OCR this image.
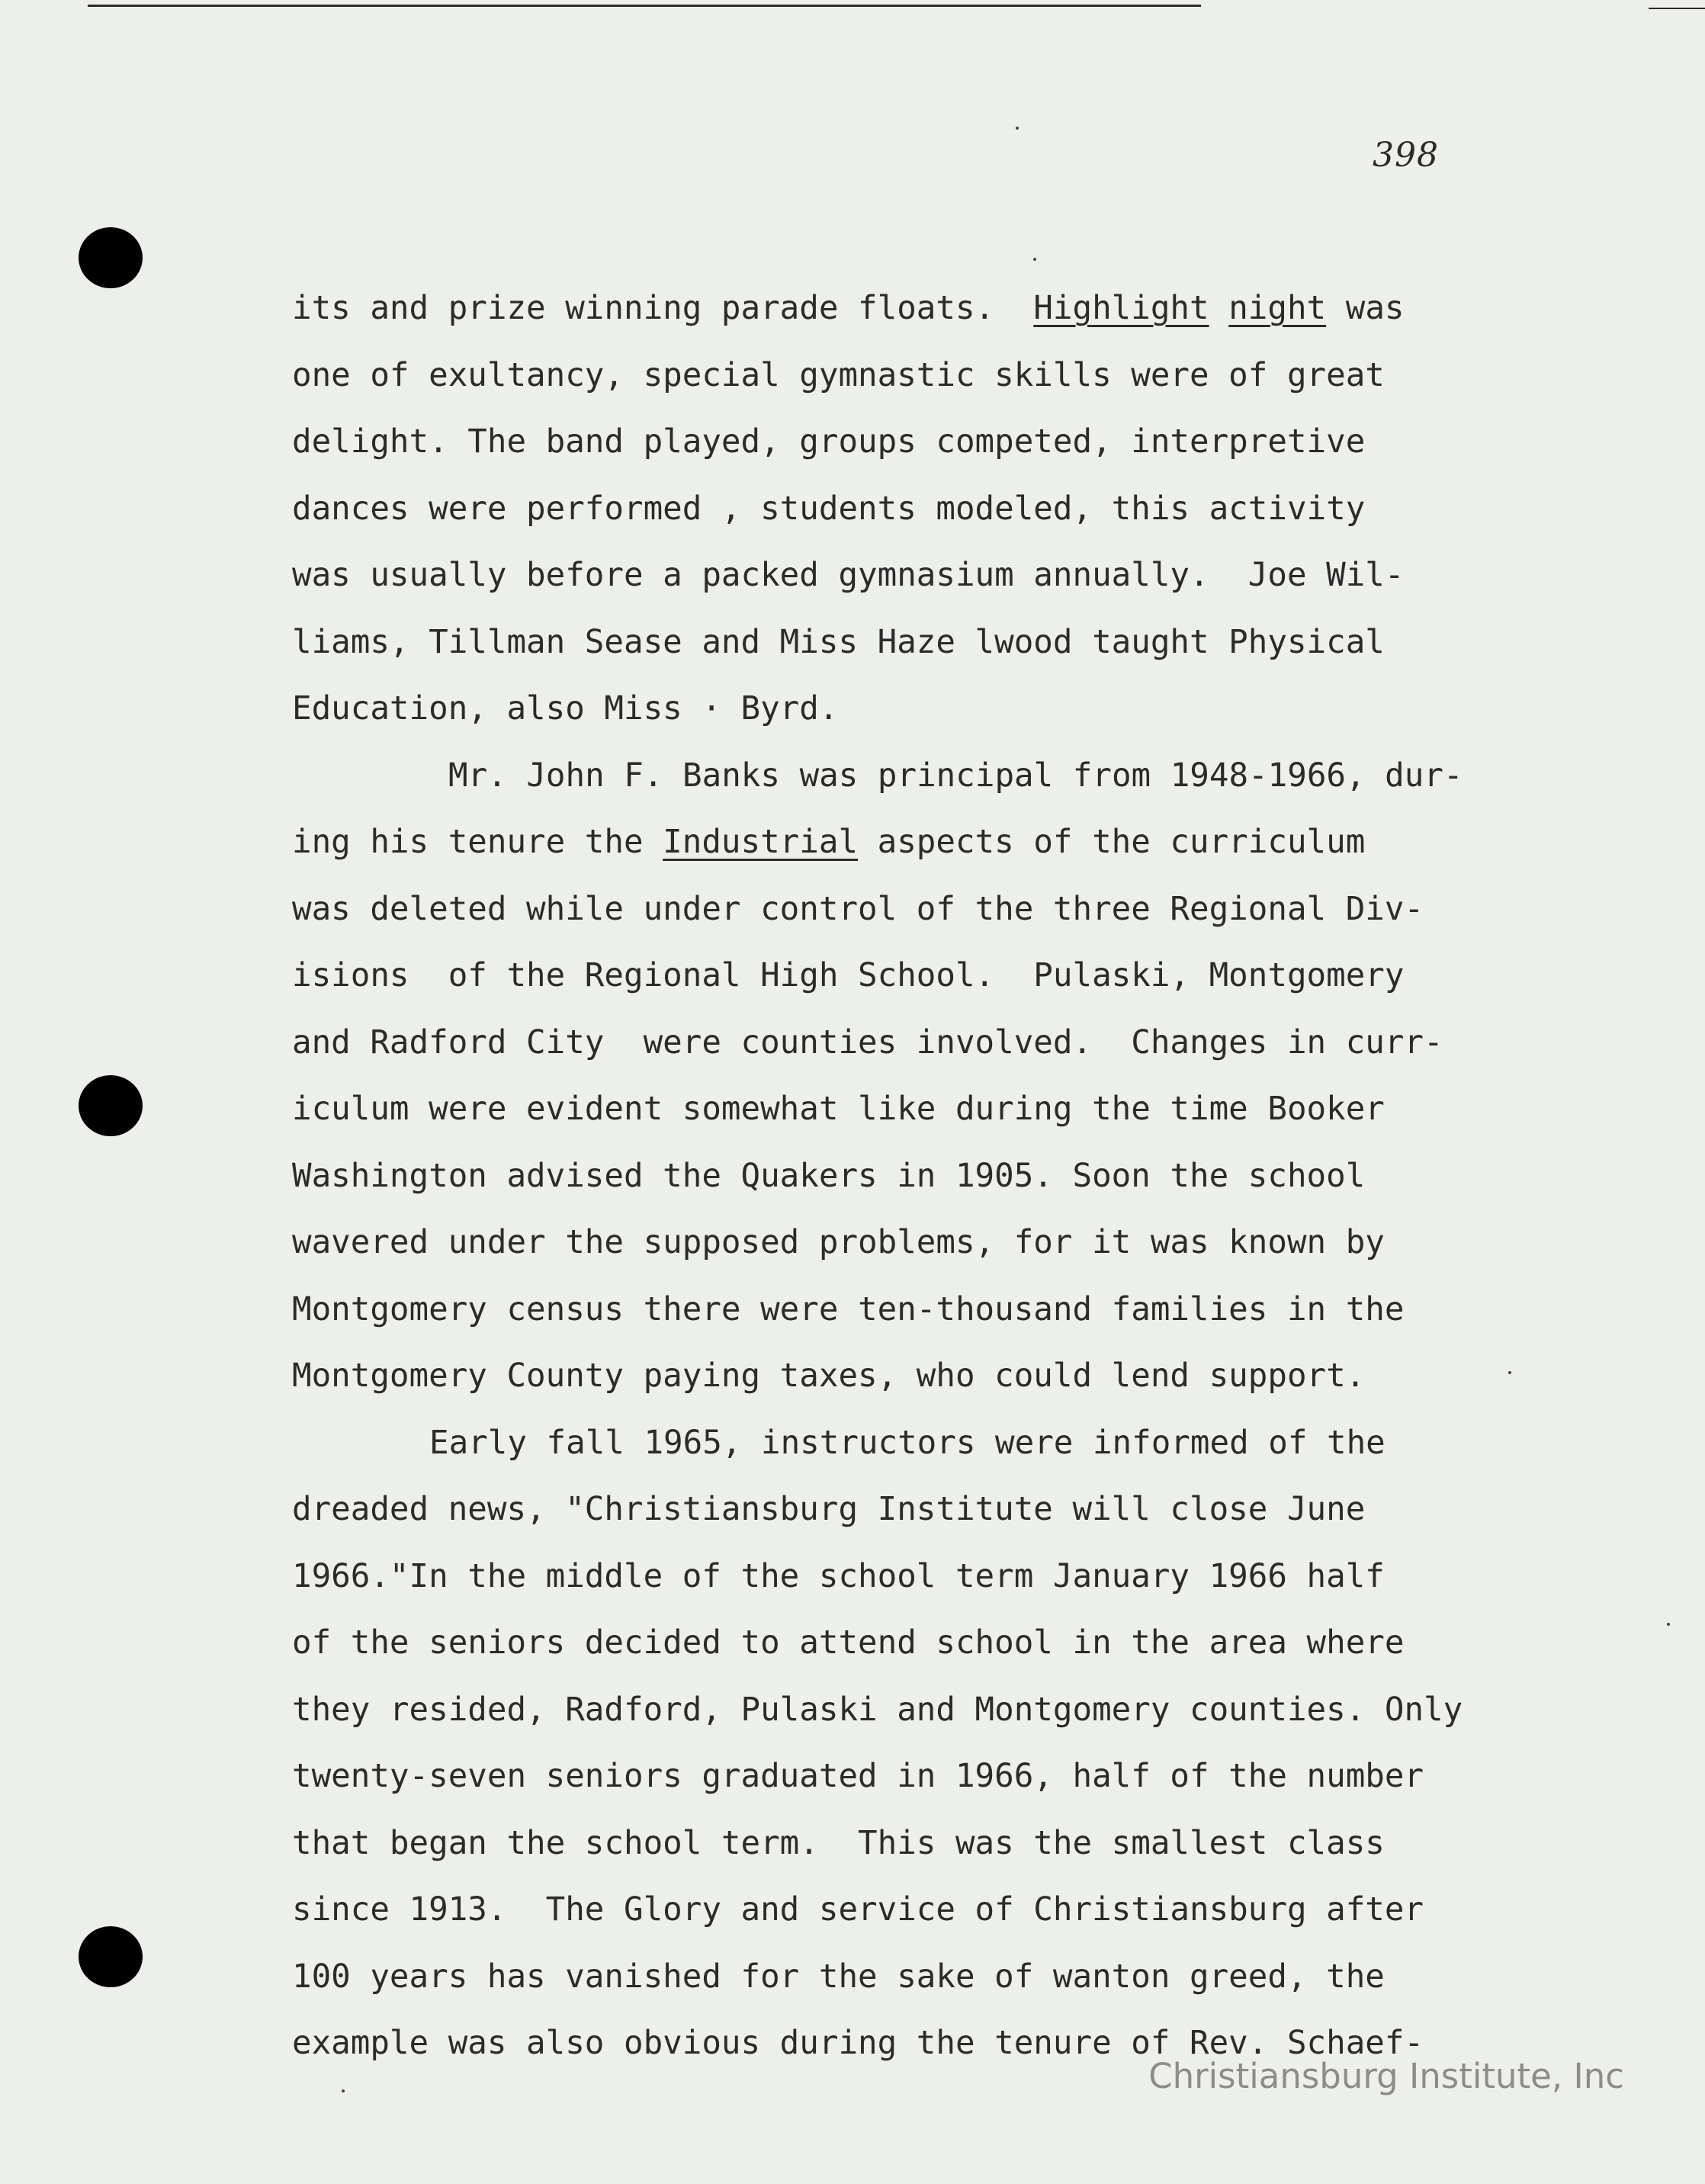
398
its and prize winning parade floats.  Highlight night was
one of exultancy, special gymnastic skills were of great
delight. The band played, groups competed, interpretive
dances were performed , students modeled, this activity
was usually before a packed gymnasium annually.  Joe Wil-
liams, Tillman Sease and Miss Haze lwood taught Physical
Education, also Miss · Byrd.
Mr. John F. Banks was principal from 1948-1966, dur-
ing his tenure the Industrial aspects of the curriculum
was deleted while under control of the three Regional Div-
isions  of the Regional High School.  Pulaski, Montgomery
and Radford City  were counties involved.  Changes in curr-
iculum were evident somewhat like during the time Booker
Washington advised the Quakers in 1905. Soon the school
wavered under the supposed problems, for it was known by
Montgomery census there were ten-thousand families in the
Montgomery County paying taxes, who could lend support.
Early fall 1965, instructors were informed of the
dreaded news, "Christiansburg Institute will close June
1966."In the middle of the school term January 1966 half
of the seniors decided to attend school in the area where
they resided, Radford, Pulaski and Montgomery counties. Only
twenty-seven seniors graduated in 1966, half of the number
that began the school term.  This was the smallest class
since 1913.  The Glory and service of Christiansburg after
100 years has vanished for the sake of wanton greed, the
example was also obvious during the tenure of Rev. Schaef-
Christiansburg Institute, Inc
